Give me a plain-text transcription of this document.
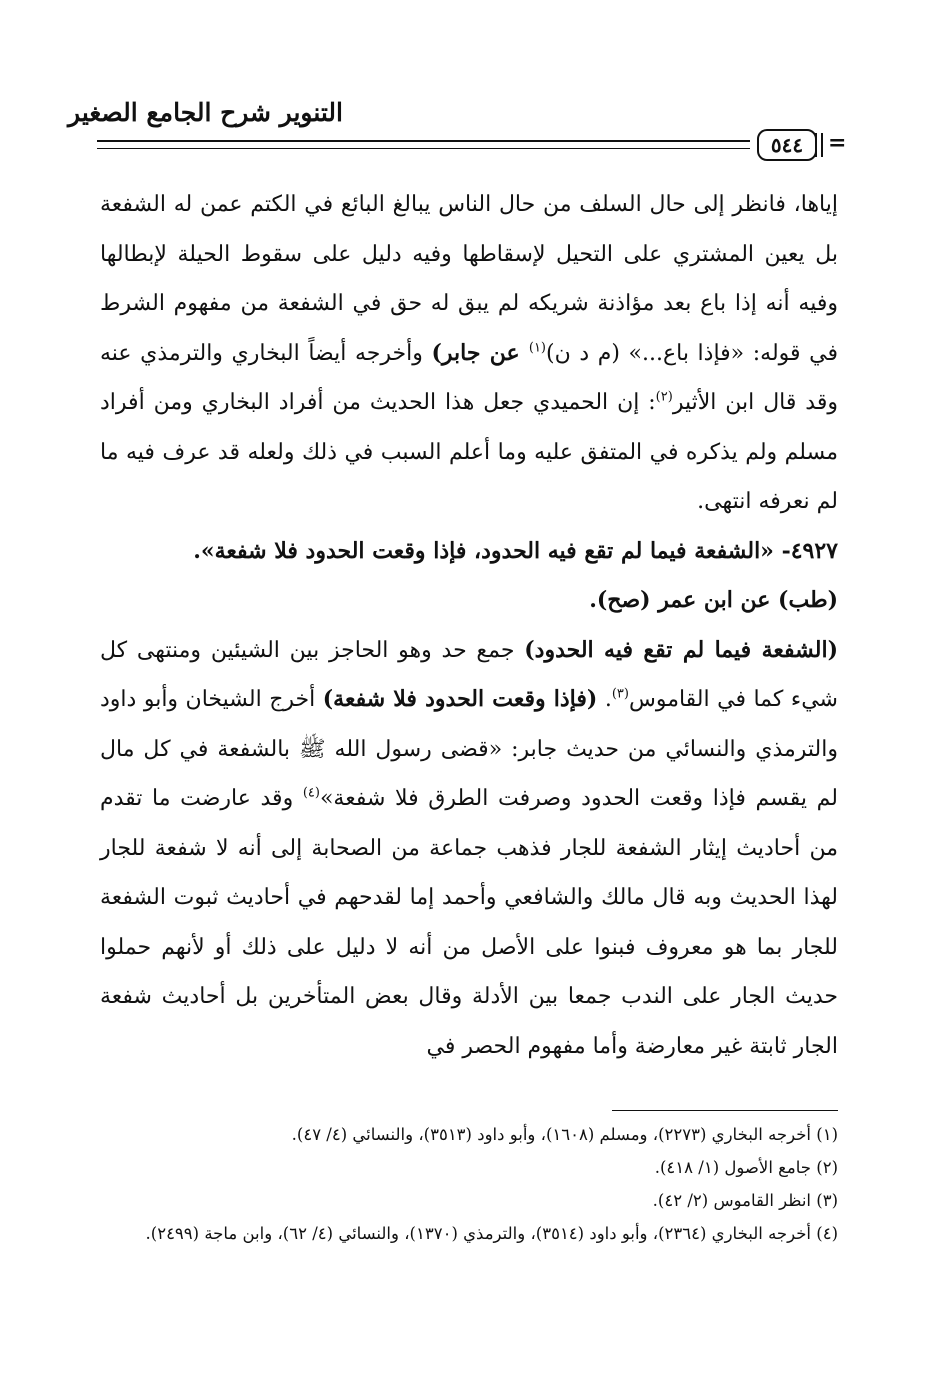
التنوير شرح الجامع الصغير
٥٤٤	=

إياها، فانظر إلى حال السلف من حال الناس يبالغ البائع في الكتم عمن له الشفعة بل يعين المشتري على التحيل لإسقاطها وفيه دليل على سقوط الحيلة لإبطالها وفيه أنه إذا باع بعد مؤاذنة شريكه لم يبق له حق في الشفعة من مفهوم الشرط في قوله: «فإذا باع...» (م د ن)$^{(١)}$ عن جابر) وأخرجه أيضاً البخاري والترمذي عنه وقد قال ابن الأثير$^{(٢)}$: إن الحميدي جعل هذا الحديث من أفراد البخاري ومن أفراد مسلم ولم يذكره في المتفق عليه وما أعلم السبب في ذلك ولعله قد عرف فيه ما لم نعرفه انتهى.

٤٩٢٧- «الشفعة فيما لم تقع فيه الحدود، فإذا وقعت الحدود فلا شفعة».

(طب) عن ابن عمر (صح).

(الشفعة فيما لم تقع فيه الحدود) جمع حد وهو الحاجز بين الشيئين ومنتهى كل شيء كما في القاموس$^{(٣)}$. (فإذا وقعت الحدود فلا شفعة) أخرج الشيخان وأبو داود والترمذي والنسائي من حديث جابر: «قضى رسول الله ﷺ بالشفعة في كل مال لم يقسم فإذا وقعت الحدود وصرفت الطرق فلا شفعة»$^{(٤)}$ وقد عارضت ما تقدم من أحاديث إيثار الشفعة للجار فذهب جماعة من الصحابة إلى أنه لا شفعة للجار لهذا الحديث وبه قال مالك والشافعي وأحمد إما لقدحهم في أحاديث ثبوت الشفعة للجار بما هو معروف فبنوا على الأصل من أنه لا دليل على ذلك أو لأنهم حملوا حديث الجار على الندب جمعا بين الأدلة وقال بعض المتأخرين بل أحاديث شفعة الجار ثابتة غير معارضة وأما مفهوم الحصر في

(١) أخرجه البخاري (٢٢٧٣)، ومسلم (١٦٠٨)، وأبو داود (٣٥١٣)، والنسائي (٤/ ٤٧).

(٢) جامع الأصول (١/ ٤١٨).

(٣) انظر القاموس (٢/ ٤٢).

(٤) أخرجه البخاري (٢٣٦٤)، وأبو داود (٣٥١٤)، والترمذي (١٣٧٠)، والنسائي (٤/ ٦٢)، وابن ماجة (٢٤٩٩).
